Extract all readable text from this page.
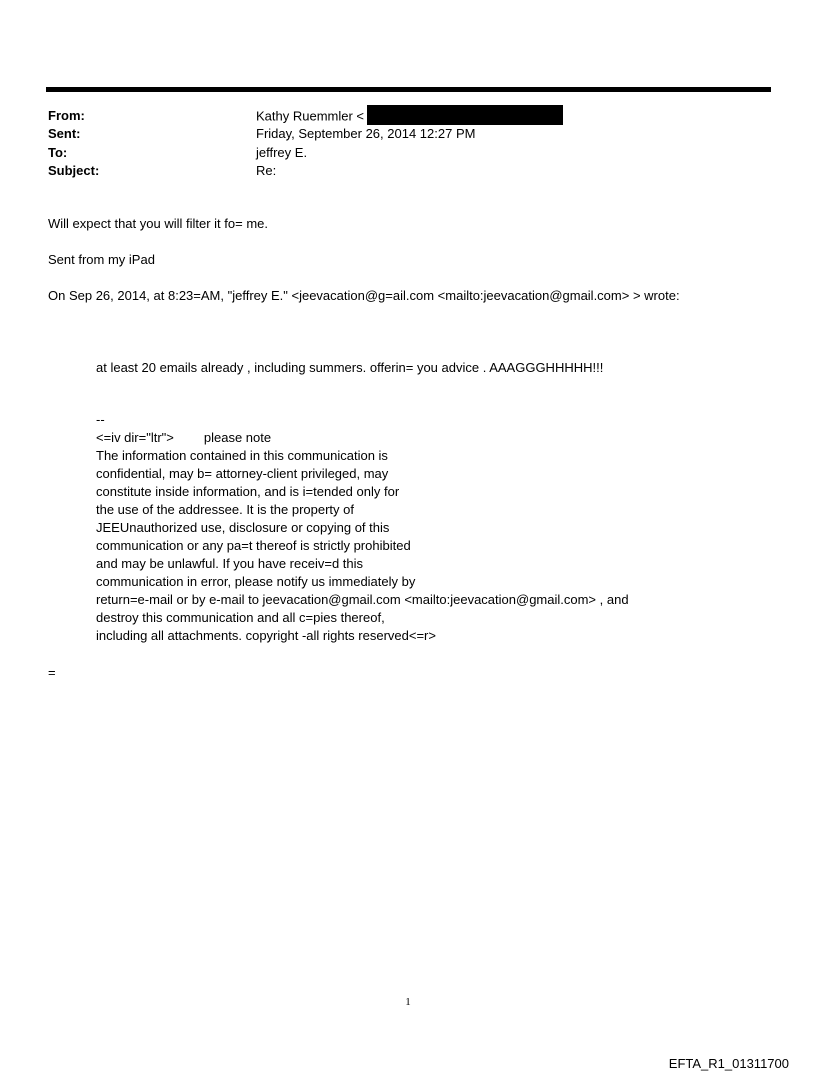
From:	Kathy Ruemmler <
Sent:	Friday, September 26, 2014 12:27 PM
To:	jeffrey E.
Subject:	Re:
Will expect that you will filter it fo= me.
Sent from my iPad
On Sep 26, 2014, at 8:23=AM, "jeffrey E." <jeevacation@g=ail.com <mailto:jeevacation@gmail.com> > wrote:
at least 20 emails already , including summers. offerin= you advice . AAAGGGHHHHH!!!
--
<=iv dir="ltr"> please note
The information contained in this communication is
confidential, may b= attorney-client privileged, may
constitute inside information, and is i=tended only for
the use of the addressee. It is the property of
JEEUnauthorized use, disclosure or copying of this
communication or any pa=t thereof is strictly prohibited
and may be unlawful. If you have receiv=d this
communication in error, please notify us immediately by
return=e-mail or by e-mail to jeevacation@gmail.com <mailto:jeevacation@gmail.com> , and
destroy this communication and all c=pies thereof,
including all attachments. copyright -all rights reserved<=r>
=
1
EFTA_R1_01311700
